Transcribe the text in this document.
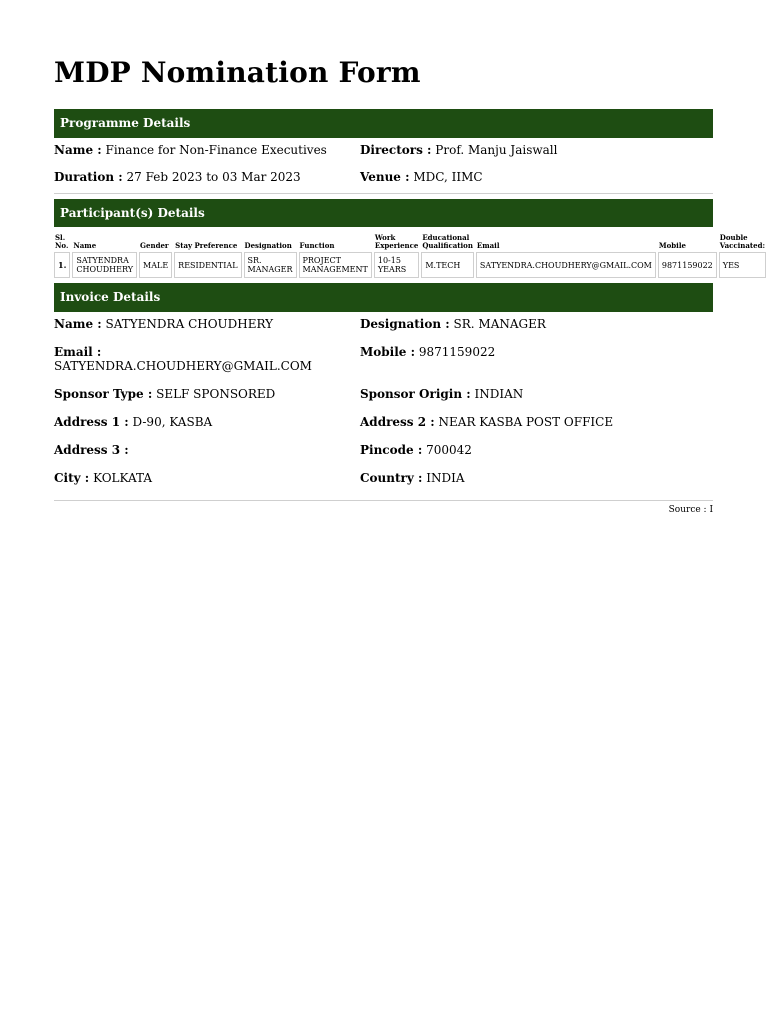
MDP Nomination Form
Programme Details
Name : Finance for Non-Finance Executives	Directors : Prof. Manju Jaiswall
Duration : 27 Feb 2023 to 03 Mar 2023	Venue : MDC, IIMC
Participant(s) Details
Sl. No.	Name	Gender	Stay Preference	Designation	Function	Work Experience	Educational Qualification	Email	Mobile	Double Vaccinated:
1.	SATYENDRA CHOUDHERY	MALE	RESIDENTIAL	SR. MANAGER	PROJECT MANAGEMENT	10-15 YEARS	M.TECH	SATYENDRA.CHOUDHERY@GMAIL.COM	9871159022	YES
Invoice Details
Name : SATYENDRA CHOUDHERY	Designation : SR. MANAGER
Email : SATYENDRA.CHOUDHERY@GMAIL.COM
Mobile : 9871159022
Sponsor Type : SELF SPONSORED	Sponsor Origin : INDIAN
Address 1 : D-90, KASBA	Address 2 : NEAR KASBA POST OFFICE
Address 3 :	Pincode : 700042
City : KOLKATA	Country : INDIA
Source : I
